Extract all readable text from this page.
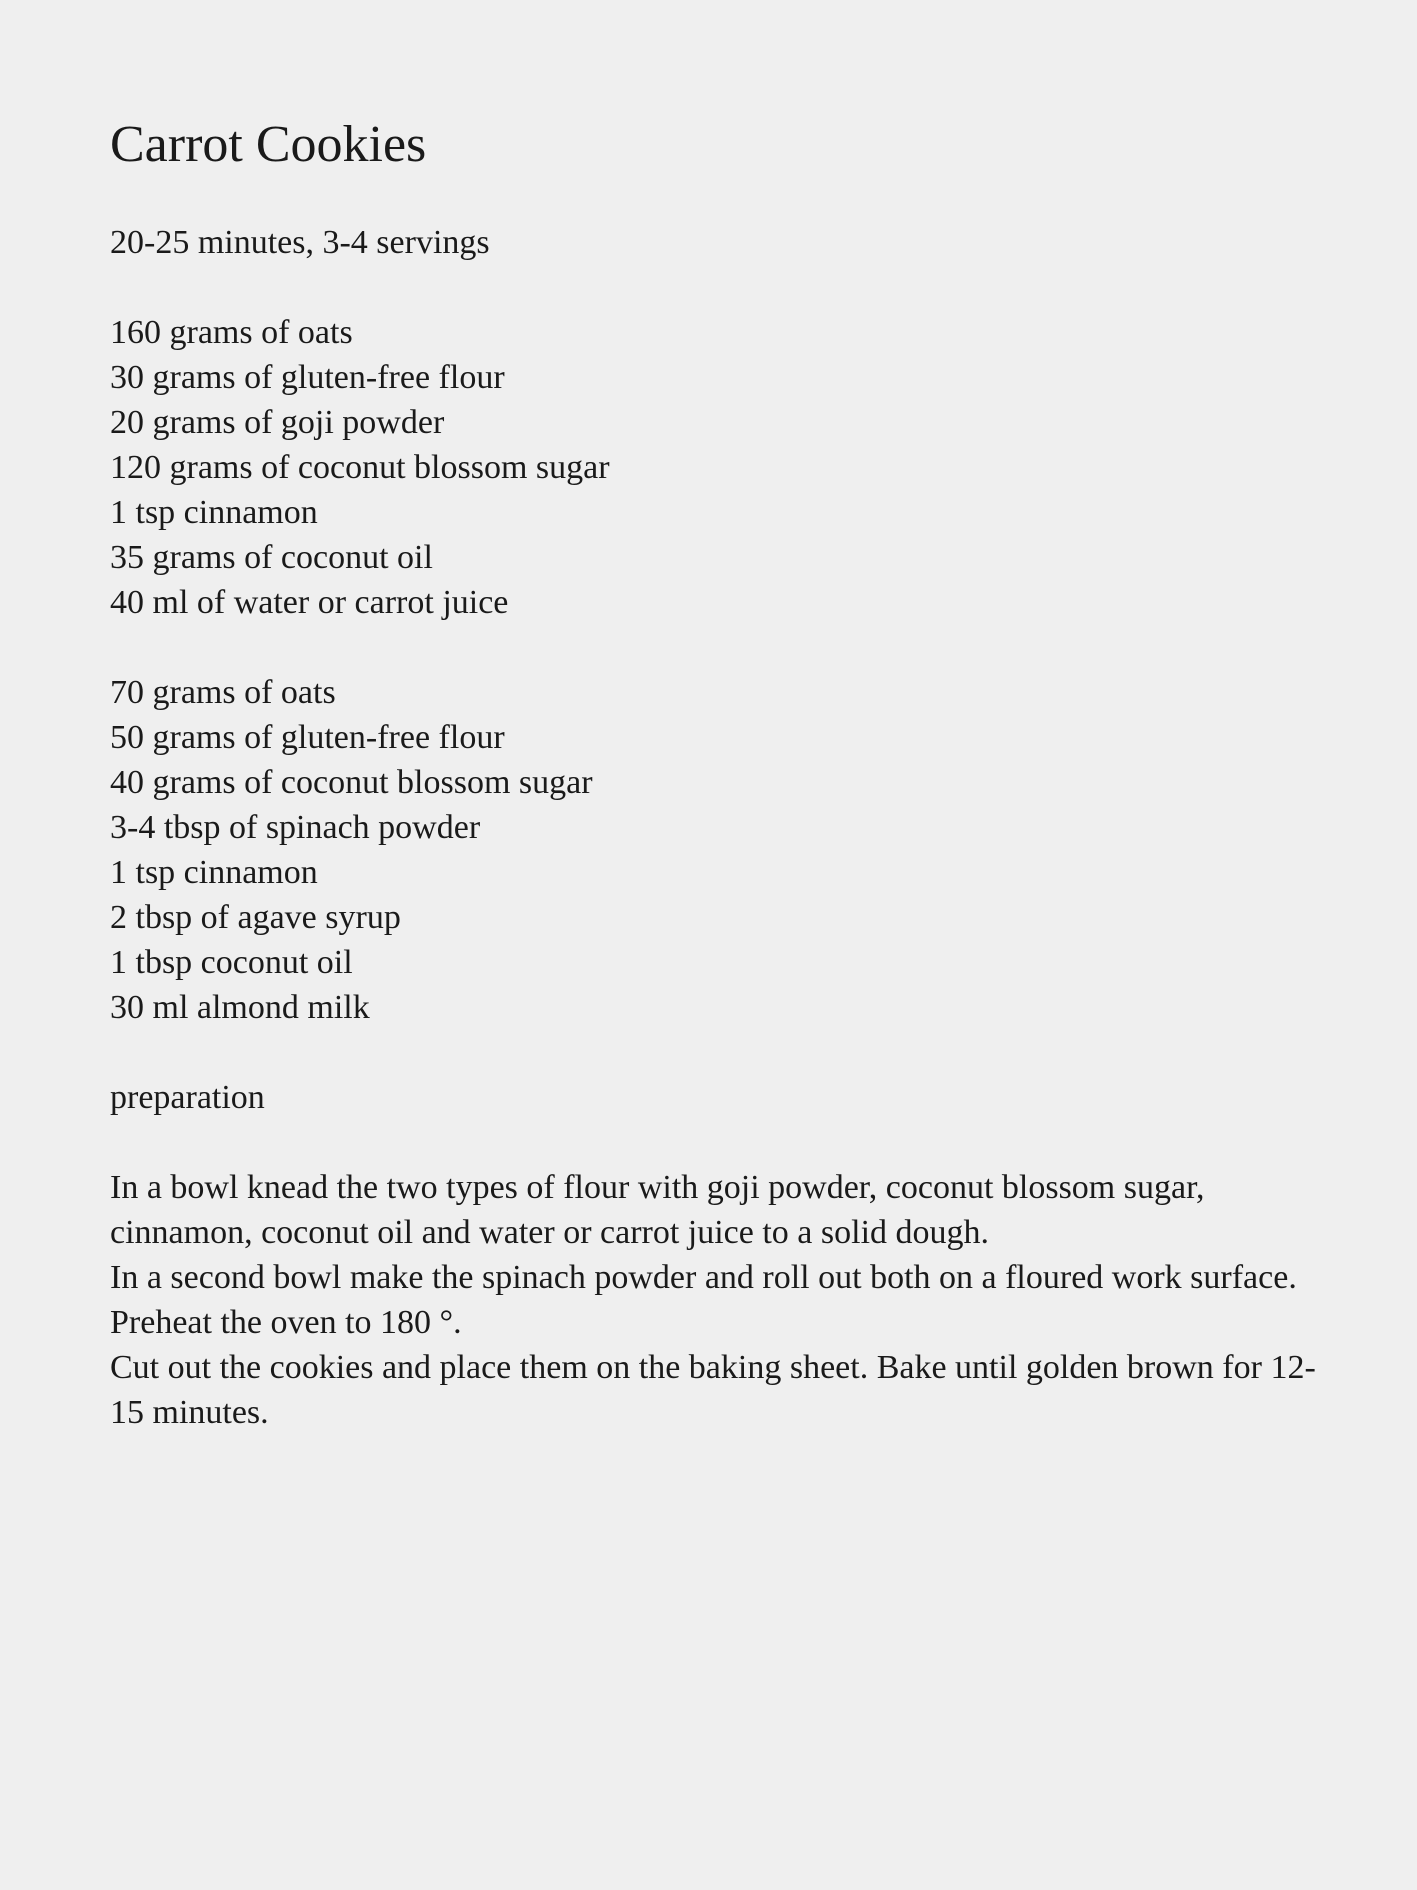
Carrot Cookies
20-25 minutes, 3-4 servings
160 grams of oats
30 grams of gluten-free flour
20 grams of goji powder
120 grams of coconut blossom sugar
1 tsp cinnamon
35 grams of coconut oil
40 ml of water or carrot juice
70 grams of oats
50 grams of gluten-free flour
40 grams of coconut blossom sugar
3-4 tbsp of spinach powder
1 tsp cinnamon
2 tbsp of agave syrup
1 tbsp coconut oil
30 ml almond milk
preparation

In a bowl knead the two types of flour with goji powder, coconut blossom sugar, cinnamon, coconut oil and water or carrot juice to a solid dough.

In a second bowl make the spinach powder and roll out both on a floured work surface.

Preheat the oven to 180 °.

Cut out the cookies and place them on the baking sheet. Bake until golden brown for 12-15 minutes.
